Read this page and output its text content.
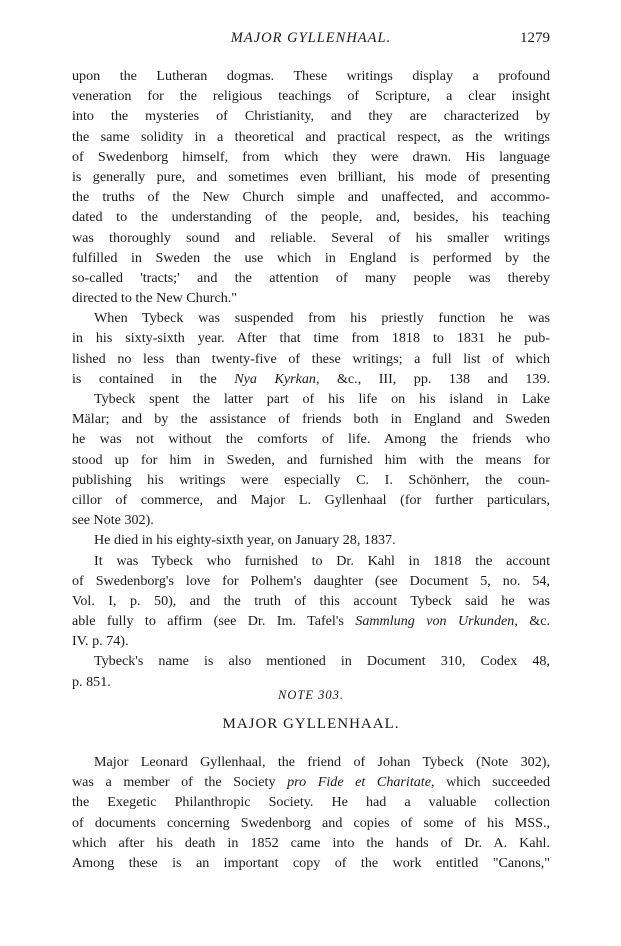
MAJOR GYLLENHAAL.	1279
upon the Lutheran dogmas. These writings display a profound
veneration for the religious teachings of Scripture, a clear insight
into the mysteries of Christianity, and they are characterized by
the same solidity in a theoretical and practical respect, as the writings
of Swedenborg himself, from which they were drawn. His language
is generally pure, and sometimes even brilliant, his mode of presenting
the truths of the New Church simple and unaffected, and accommo-
dated to the understanding of the people, and, besides, his teaching
was thoroughly sound and reliable. Several of his smaller writings
fulfilled in Sweden the use which in England is performed by the
so-called 'tracts;' and the attention of many people was thereby
directed to the New Church."
When Tybeck was suspended from his priestly function he was
in his sixty-sixth year. After that time from 1818 to 1831 he pub-
lished no less than twenty-five of these writings; a full list of which
is contained in the Nya Kyrkan, &c., III, pp. 138 and 139.
Tybeck spent the latter part of his life on his island in Lake
Mälar; and by the assistance of friends both in England and Sweden
he was not without the comforts of life. Among the friends who
stood up for him in Sweden, and furnished him with the means for
publishing his writings were especially C. I. Schönherr, the coun-
cillor of commerce, and Major L. Gyllenhaal (for further particulars,
see Note 302).
He died in his eighty-sixth year, on January 28, 1837.
It was Tybeck who furnished to Dr. Kahl in 1818 the account
of Swedenborg's love for Polhem's daughter (see Document 5, no. 54,
Vol. I, p. 50), and the truth of this account Tybeck said he was
able fully to affirm (see Dr. Im. Tafel's Sammlung von Urkunden, &c.
IV. p. 74).
Tybeck's name is also mentioned in Document 310, Codex 48,
p. 851.
NOTE 303.
MAJOR GYLLENHAAL.
Major Leonard Gyllenhaal, the friend of Johan Tybeck (Note 302),
was a member of the Society pro Fide et Charitate, which succeeded
the Exegetic Philanthropic Society. He had a valuable collection
of documents concerning Swedenborg and copies of some of his MSS.,
which after his death in 1852 came into the hands of Dr. A. Kahl.
Among these is an important copy of the work entitled "Canons,"
